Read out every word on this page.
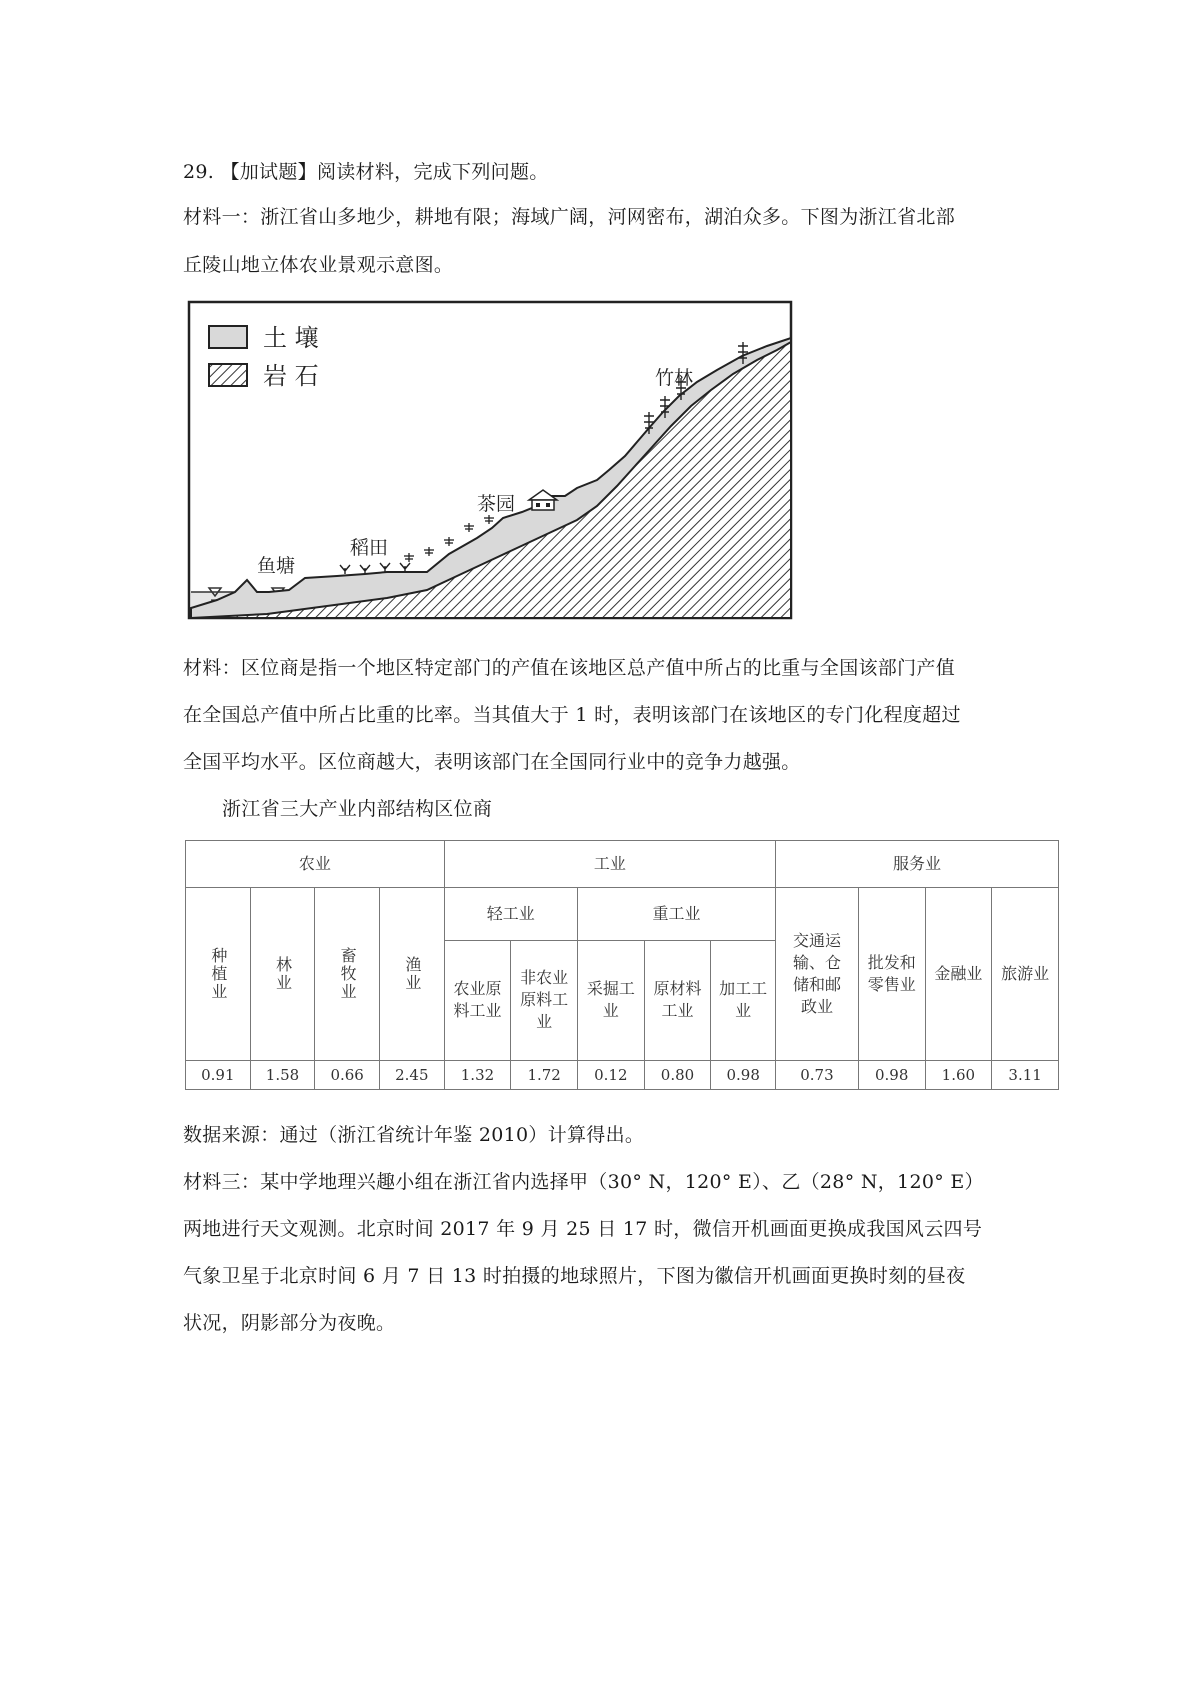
29. 【加试题】阅读材料，完成下列问题。
材料一：浙江省山多地少，耕地有限；海域广阔，河网密布，湖泊众多。下图为浙江省北部
丘陵山地立体农业景观示意图。
土 壤
岩 石	竹林
茶园
稻田
鱼塘
材料：区位商是指一个地区特定部门的产值在该地区总产值中所占的比重与全国该部门产值
在全国总产值中所占比重的比率。当其值大于 1 时，表明该部门在该地区的专门化程度超过
全国平均水平。区位商越大，表明该部门在全国同行业中的竞争力越强。
浙江省三大产业内部结构区位商
农业				工业					服务业			
种植业	林业	畜牧业	渔业	轻工业		重工业			交通运输、仓储和邮政业	批发和零售业	金融业	旅游业
				农业原料工业	非农业原料工业	采掘工业	原材料工业	加工工业				
0.91	1.58	0.66	2.45	1.32	1.72	0.12	0.80	0.98	0.73	0.98	1.60	3.11
数据来源：通过（浙江省统计年鉴 2010）计算得出。
材料三：某中学地理兴趣小组在浙江省内选择甲（30° N，120° E）、乙（28° N，120° E）
两地进行天文观测。北京时间 2017 年 9 月 25 日 17 时，微信开机画面更换成我国风云四号
气象卫星于北京时间 6 月 7 日 13 时拍摄的地球照片，下图为徽信开机画面更换时刻的昼夜
状况，阴影部分为夜晚。
